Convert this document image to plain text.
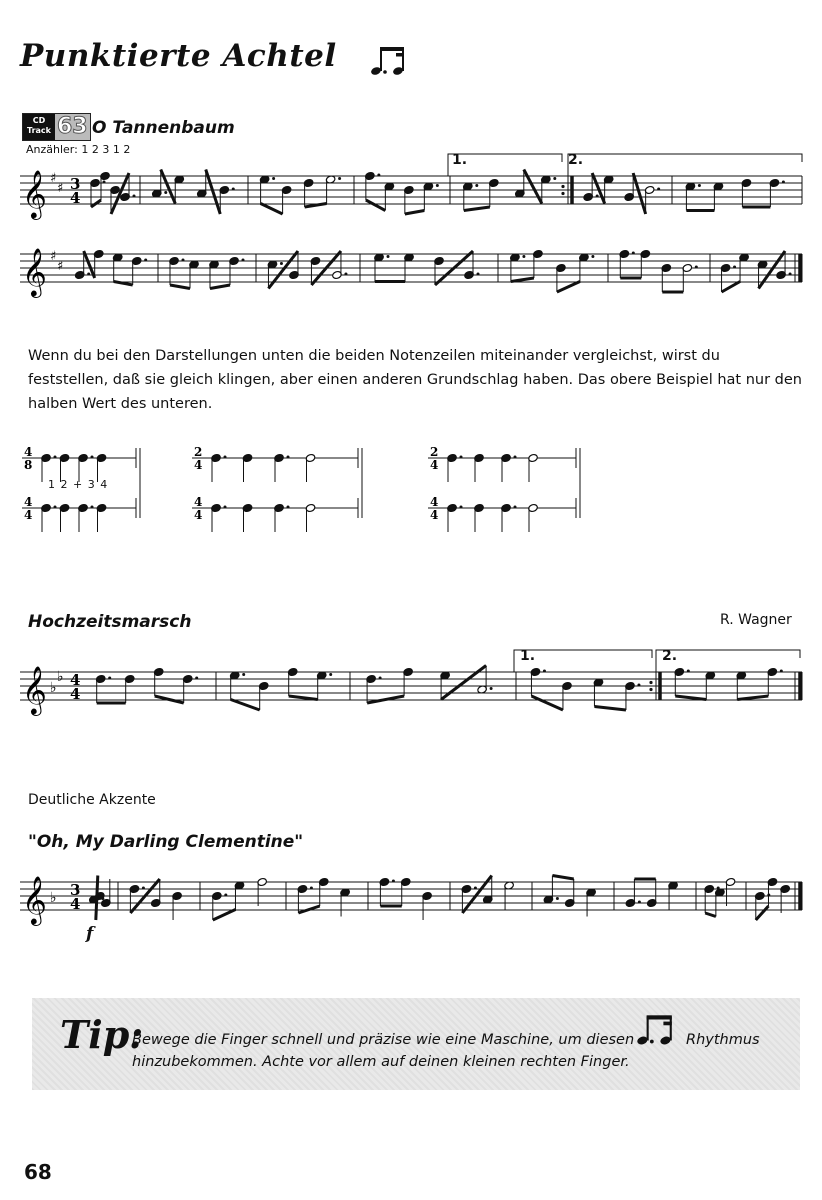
Punktierte Achtel
CD Track 63 O Tannenbaum
Anzähler: 1 2 3 1 2
𝄞 ♯
♯ 3
4
1.	2.
𝄞 ♯
♯
Wenn du bei den Darstellungen unten die beiden Notenzeilen miteinander vergleichst, wirst du
feststellen, daß sie gleich klingen, aber einen anderen Grundschlag haben. Das obere Beispiel hat nur den
halben Wert des unteren.
4
8
4
4
2
4
4
4
2
4
4
4
1 2 + 3 4
Hochzeitsmarsch	R. Wagner
𝄞 ♭
♭ 4
4
1.	2.
Deutliche Akzente
"Oh, My Darling Clementine"
𝄞 ♭ 3
4
f
Tip:
Bewege die Finger schnell und präzise wie eine Maschine, um diesen	Rhythmus
hinzubekommen. Achte vor allem auf deinen kleinen rechten Finger.
68
